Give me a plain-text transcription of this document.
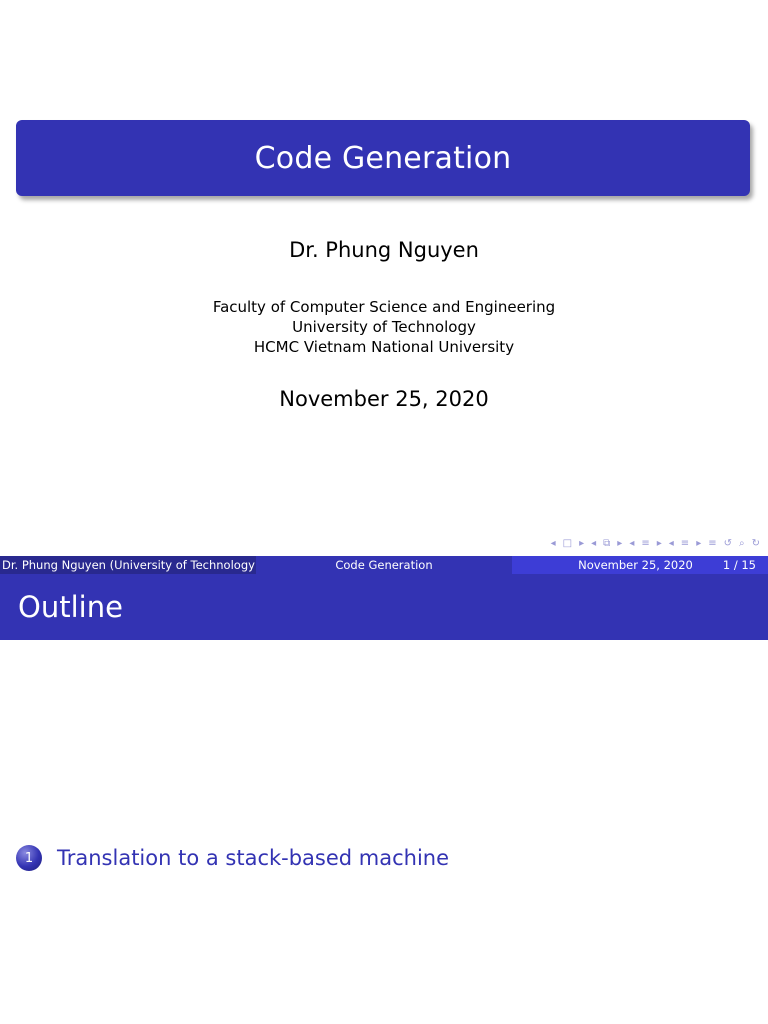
Code Generation
Dr. Phung Nguyen
Faculty of Computer Science and Engineering
University of Technology
HCMC Vietnam National University
November 25, 2020
◂ □ ▸ ◂ ⧉ ▸ ◂ ≡ ▸ ◂ ≡ ▸ ≡ ↺ ⌕ ↻
Dr. Phung Nguyen (University of Technology	Code Generation	November 25, 2020	1 / 15
Outline
1	Translation to a stack-based machine
